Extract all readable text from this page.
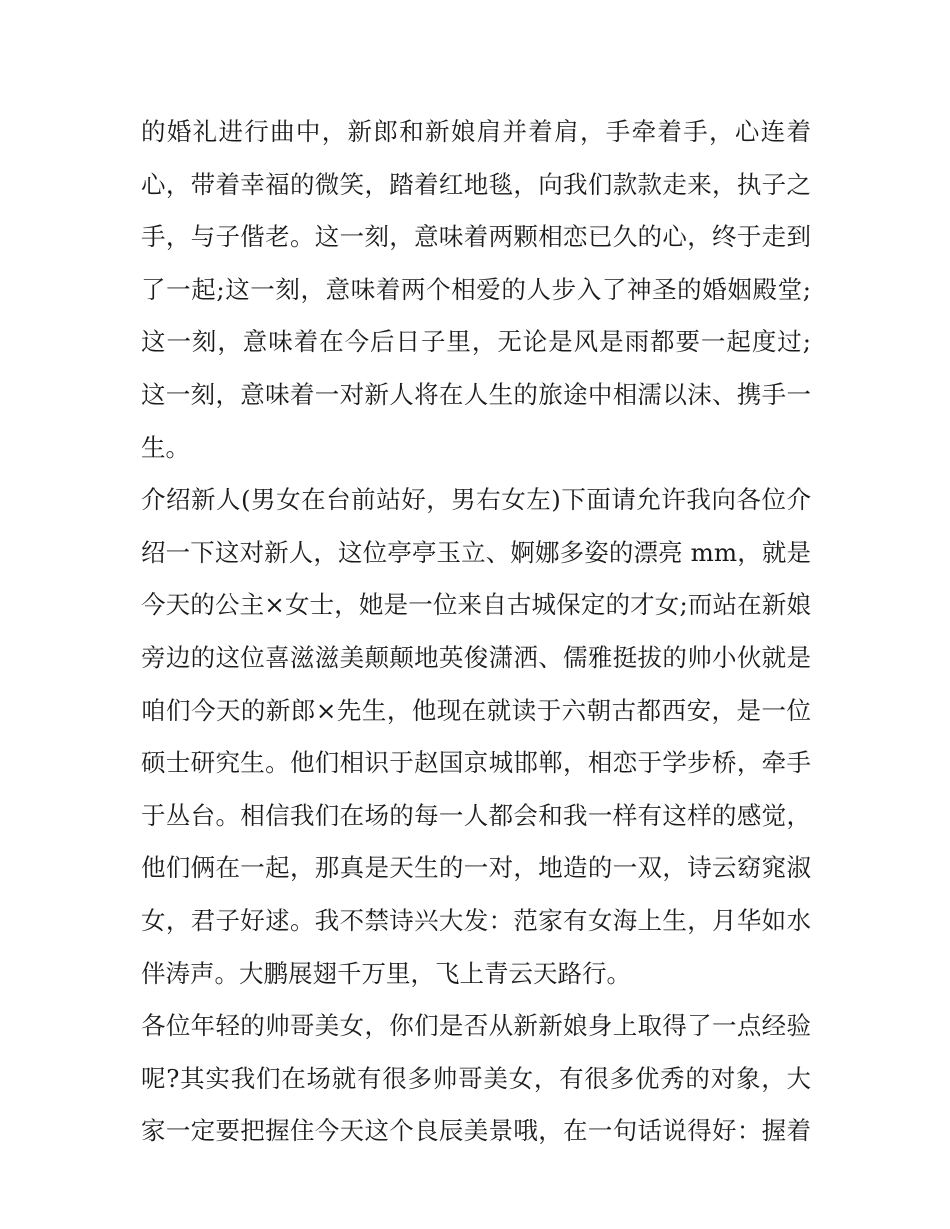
的婚礼进行曲中，新郎和新娘肩并着肩，手牵着手，心连着
心，带着幸福的微笑，踏着红地毯，向我们款款走来，执子之
手，与子偕老。这一刻，意味着两颗相恋已久的心，终于走到
了一起;这一刻，意味着两个相爱的人步入了神圣的婚姻殿堂;
这一刻，意味着在今后日子里，无论是风是雨都要一起度过;
这一刻，意味着一对新人将在人生的旅途中相濡以沫、携手一
生。
介绍新人(男女在台前站好，男右女左)下面请允许我向各位介
绍一下这对新人，这位亭亭玉立、婀娜多姿的漂亮 mm，就是
今天的公主×女士，她是一位来自古城保定的才女;而站在新娘
旁边的这位喜滋滋美颠颠地英俊潇洒、儒雅挺拔的帅小伙就是
咱们今天的新郎×先生，他现在就读于六朝古都西安，是一位
硕士研究生。他们相识于赵国京城邯郸，相恋于学步桥，牵手
于丛台。相信我们在场的每一人都会和我一样有这样的感觉，
他们俩在一起，那真是天生的一对，地造的一双，诗云窈窕淑
女，君子好逑。我不禁诗兴大发：范家有女海上生，月华如水
伴涛声。大鹏展翅千万里，飞上青云天路行。
各位年轻的帅哥美女，你们是否从新新娘身上取得了一点经验
呢?其实我们在场就有很多帅哥美女，有很多优秀的对象，大
家一定要把握住今天这个良辰美景哦，在一句话说得好：握着
